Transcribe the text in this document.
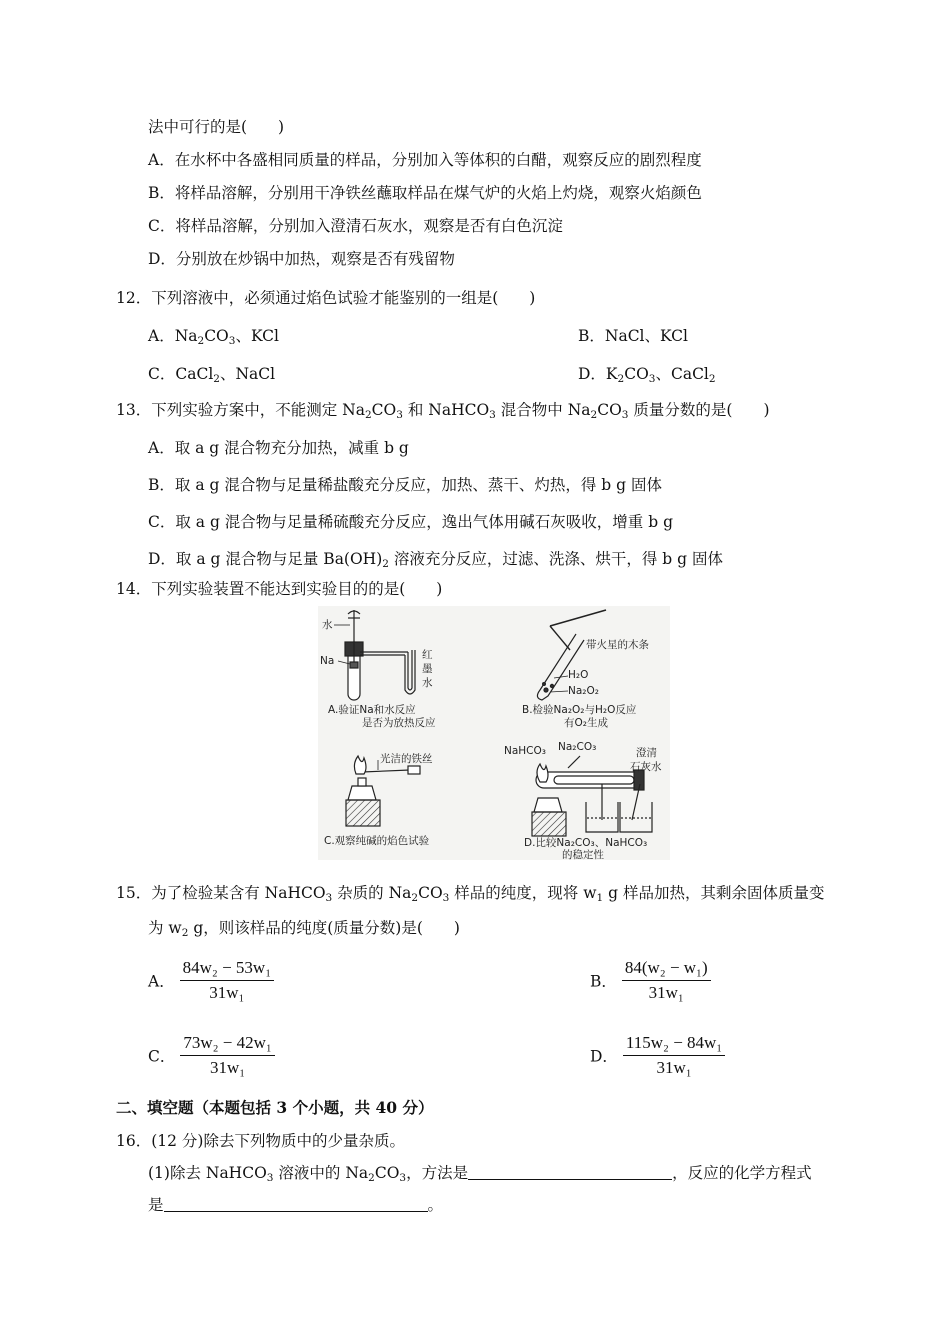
法中可行的是(　　)
A．在水杯中各盛相同质量的样品，分别加入等体积的白醋，观察反应的剧烈程度
B．将样品溶解，分别用干净铁丝蘸取样品在煤气炉的火焰上灼烧，观察火焰颜色
C．将样品溶解，分别加入澄清石灰水，观察是否有白色沉淀
D．分别放在炒锅中加热，观察是否有残留物
12．下列溶液中，必须通过焰色试验才能鉴别的一组是(　　)
A．$Na_2CO_3$、KCl	B．NaCl、KCl
C．CaCl$_2$、NaCl	D．$K_2CO_3$、CaCl$_2$
13．下列实验方案中，不能测定 $Na_2CO_3$ 和 NaHCO$_3$ 混合物中 $Na_2CO_3$ 质量分数的是(　　)
A．取 a g 混合物充分加热，减重 b g
B．取 a g 混合物与足量稀盐酸充分反应，加热、蒸干、灼热，得 b g 固体
C．取 a g 混合物与足量稀硫酸充分反应，逸出气体用碱石灰吸收，增重 b g
D．取 a g 混合物与足量 $Ba(OH)_2$ 溶液充分反应，过滤、洗涤、烘干，得 b g 固体
14．下列实验装置不能达到实验目的的是(　　)
水
Na	红
墨
水
A.验证Na和水反应
是否为放热反应
带火星的木条
H₂O
Na₂O₂
B.检验Na₂O₂与H₂O反应
有O₂生成
光洁的铁丝
C.观察纯碱的焰色试验
NaHCO₃ Na₂CO₃	澄清
石灰水
D.比较Na₂CO₃、NaHCO₃
的稳定性
15．为了检验某含有 NaHCO$_3$ 杂质的 $Na_2CO_3$ 样品的纯度，现将 $w_1$ g 样品加热，其剩余固体质量变
为 $w_2$ g，则该样品的纯度(质量分数)是(　　)
A． $\frac{\text{84w₂ − 53w₁}}{\text{31w₁}}$	B． $\frac{\text{84(w₂ − w₁)}}{\text{31w₁}}$
C． $\frac{\text{73w₂ − 42w₁}}{\text{31w₁}}$	D． $\frac{\text{115w₂ − 84w₁}}{\text{31w₁}}$
二、填空题（本题包括 3 个小题，共 40 分）
16．(12 分)除去下列物质中的少量杂质。
(1)除去 NaHCO$_3$ 溶液中的 $Na_2CO_3$，方法是	，反应的化学方程式
是	。
